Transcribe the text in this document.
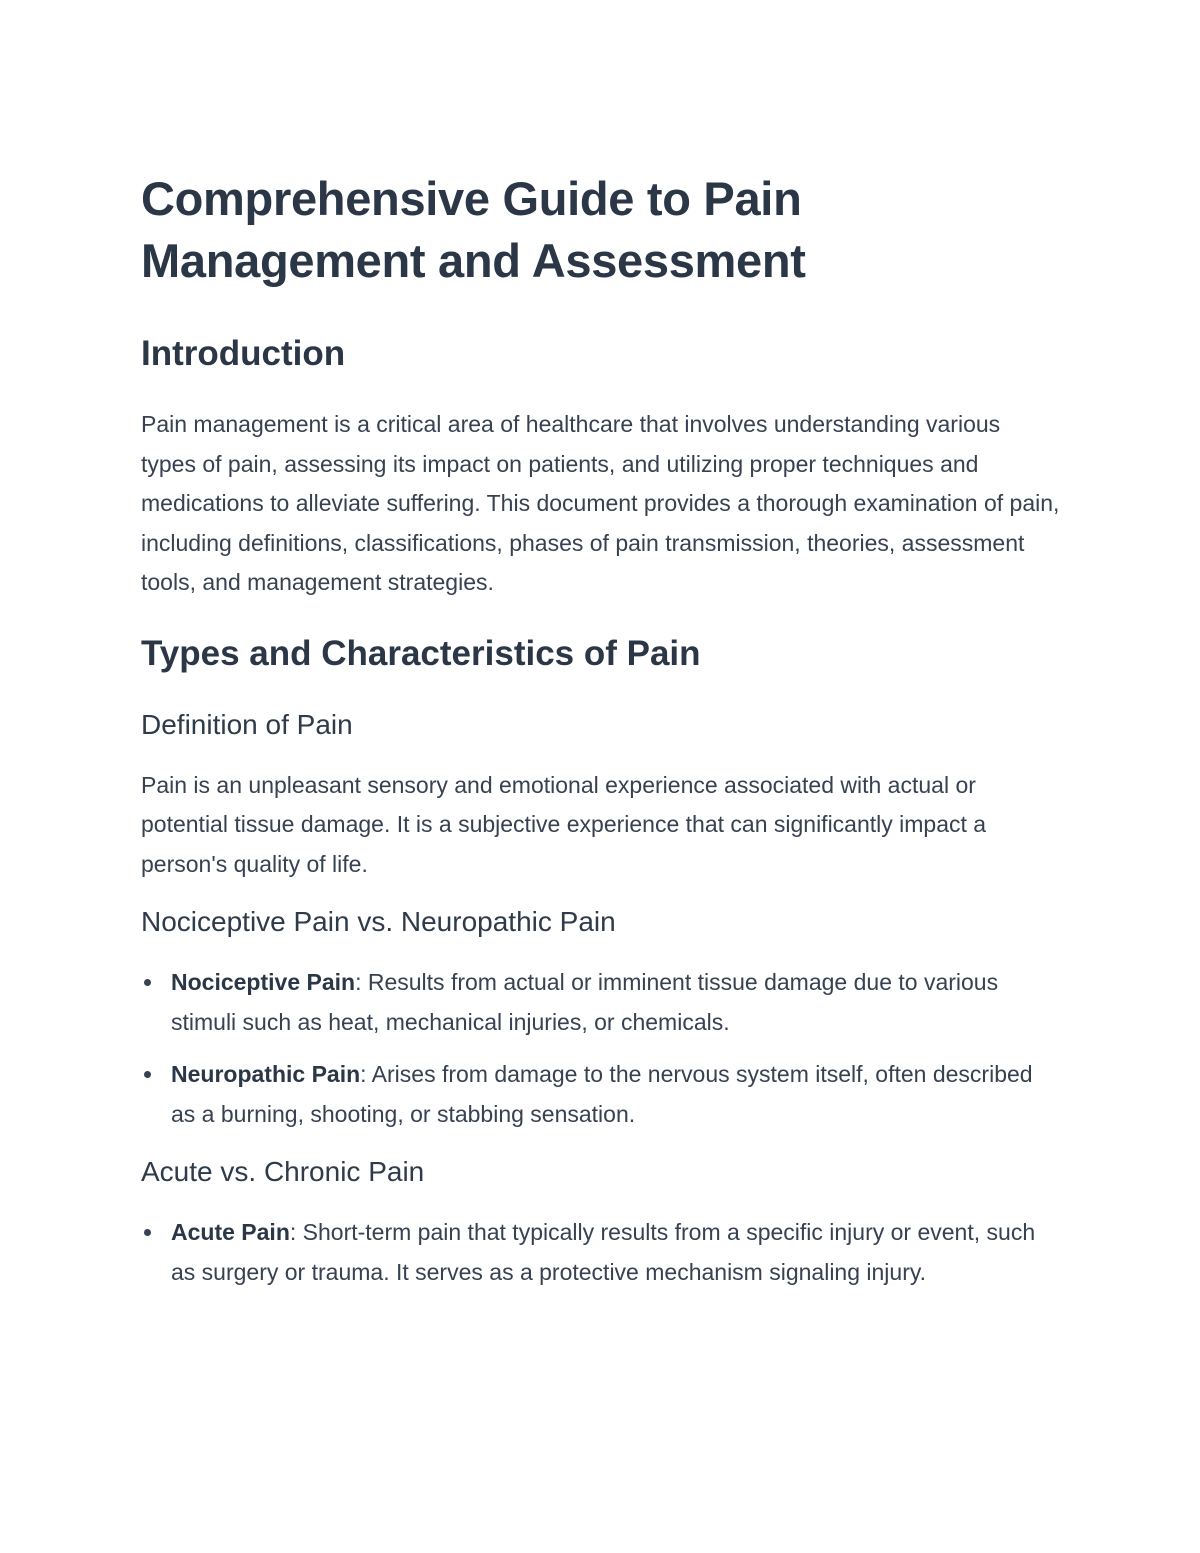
Comprehensive Guide to Pain Management and Assessment
Introduction

Pain management is a critical area of healthcare that involves understanding various types of pain, assessing its impact on patients, and utilizing proper techniques and medications to alleviate suffering. This document provides a thorough examination of pain, including definitions, classifications, phases of pain transmission, theories, assessment tools, and management strategies.

Types and Characteristics of Pain
Definition of Pain

Pain is an unpleasant sensory and emotional experience associated with actual or potential tissue damage. It is a subjective experience that can significantly impact a person's quality of life.

Nociceptive Pain vs. Neuropathic Pain
Nociceptive Pain: Results from actual or imminent tissue damage due to various stimuli such as heat, mechanical injuries, or chemicals.
Neuropathic Pain: Arises from damage to the nervous system itself, often described as a burning, shooting, or stabbing sensation.
Acute vs. Chronic Pain
Acute Pain: Short-term pain that typically results from a specific injury or event, such as surgery or trauma. It serves as a protective mechanism signaling injury.
